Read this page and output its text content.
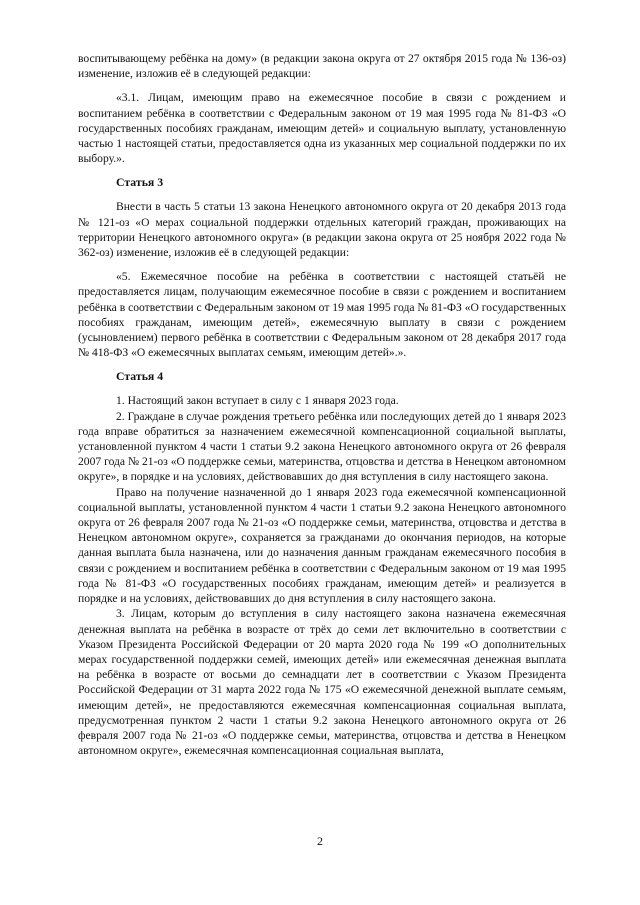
воспитывающему ребёнка на дому» (в редакции закона округа от 27 октября 2015 года № 136-оз) изменение, изложив её в следующей редакции:

«3.1. Лицам, имеющим право на ежемесячное пособие в связи с рождением и воспитанием ребёнка в соответствии с Федеральным законом от 19 мая 1995 года № 81-ФЗ «О государственных пособиях гражданам, имеющим детей» и социальную выплату, установленную частью 1 настоящей статьи, предоставляется одна из указанных мер социальной поддержки по их выбору.».

Статья 3

Внести в часть 5 статьи 13 закона Ненецкого автономного округа от 20 декабря 2013 года № 121-оз «О мерах социальной поддержки отдельных категорий граждан, проживающих на территории Ненецкого автономного округа» (в редакции закона округа от 25 ноября 2022 года № 362-оз) изменение, изложив её в следующей редакции:

«5. Ежемесячное пособие на ребёнка в соответствии с настоящей статьёй не предоставляется лицам, получающим ежемесячное пособие в связи с рождением и воспитанием ребёнка в соответствии с Федеральным законом от 19 мая 1995 года № 81-ФЗ «О государственных пособиях гражданам, имеющим детей», ежемесячную выплату в связи с рождением (усыновлением) первого ребёнка в соответствии с Федеральным законом от 28 декабря 2017 года № 418-ФЗ «О ежемесячных выплатах семьям, имеющим детей».».

Статья 4

1. Настоящий закон вступает в силу с 1 января 2023 года.

2. Граждане в случае рождения третьего ребёнка или последующих детей до 1 января 2023 года вправе обратиться за назначением ежемесячной компенсационной социальной выплаты, установленной пунктом 4 части 1 статьи 9.2 закона Ненецкого автономного округа от 26 февраля 2007 года № 21-оз «О поддержке семьи, материнства, отцовства и детства в Ненецком автономном округе», в порядке и на условиях, действовавших до дня вступления в силу настоящего закона.

Право на получение назначенной до 1 января 2023 года ежемесячной компенсационной социальной выплаты, установленной пунктом 4 части 1 статьи 9.2 закона Ненецкого автономного округа от 26 февраля 2007 года № 21-оз «О поддержке семьи, материнства, отцовства и детства в Ненецком автономном округе», сохраняется за гражданами до окончания периодов, на которые данная выплата была назначена, или до назначения данным гражданам ежемесячного пособия в связи с рождением и воспитанием ребёнка в соответствии с Федеральным законом от 19 мая 1995 года № 81-ФЗ «О государственных пособиях гражданам, имеющим детей» и реализуется в порядке и на условиях, действовавших до дня вступления в силу настоящего закона.

3. Лицам, которым до вступления в силу настоящего закона назначена ежемесячная денежная выплата на ребёнка в возрасте от трёх до семи лет включительно в соответствии с Указом Президента Российской Федерации от 20 марта 2020 года № 199 «О дополнительных мерах государственной поддержки семей, имеющих детей» или ежемесячная денежная выплата на ребёнка в возрасте от восьми до семнадцати лет в соответствии с Указом Президента Российской Федерации от 31 марта 2022 года № 175 «О ежемесячной денежной выплате семьям, имеющим детей», не предоставляются ежемесячная компенсационная социальная выплата, предусмотренная пунктом 2 части 1 статьи 9.2 закона Ненецкого автономного округа от 26 февраля 2007 года № 21-оз «О поддержке семьи, материнства, отцовства и детства в Ненецком автономном округе», ежемесячная компенсационная социальная выплата,

2
